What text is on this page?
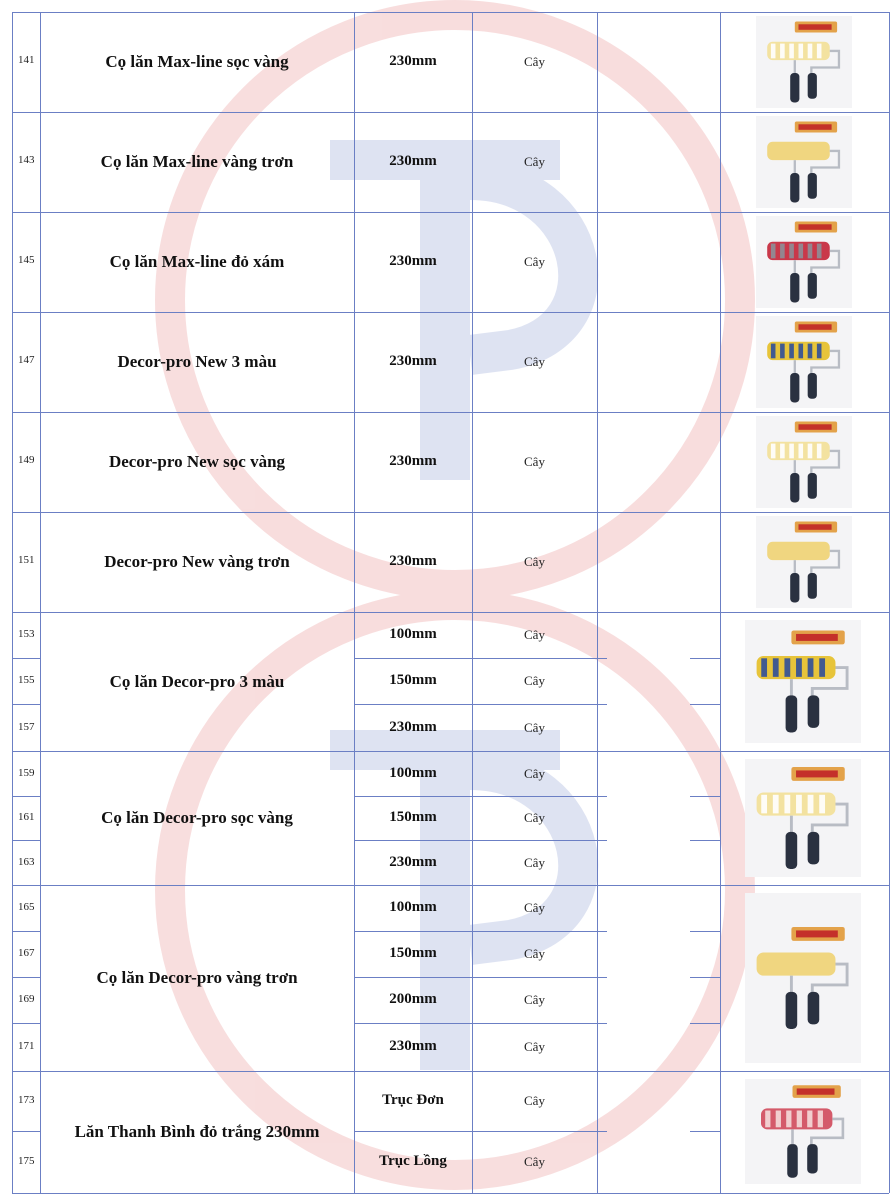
141	Cọ lăn Max-line sọc vàng	230mm	Cây
143	Cọ lăn Max-line vàng trơn	230mm	Cây
145	Cọ lăn Max-line đỏ xám	230mm	Cây
147	Decor-pro New 3 màu	230mm	Cây
149	Decor-pro New sọc vàng	230mm	Cây
151	Decor-pro New vàng trơn	230mm	Cây
Cọ lăn Decor-pro 3 màu
153	100mm	Cây
155	150mm	Cây
157	230mm	Cây
Cọ lăn Decor-pro sọc vàng
159	100mm	Cây
161	150mm	Cây
163	230mm	Cây
Cọ lăn Decor-pro vàng trơn
165	100mm	Cây
167	150mm	Cây
169	200mm	Cây
171	230mm	Cây
Lăn Thanh Bình đỏ trắng 230mm
173	Trục Đơn	Cây
175	Trục Lồng	Cây
